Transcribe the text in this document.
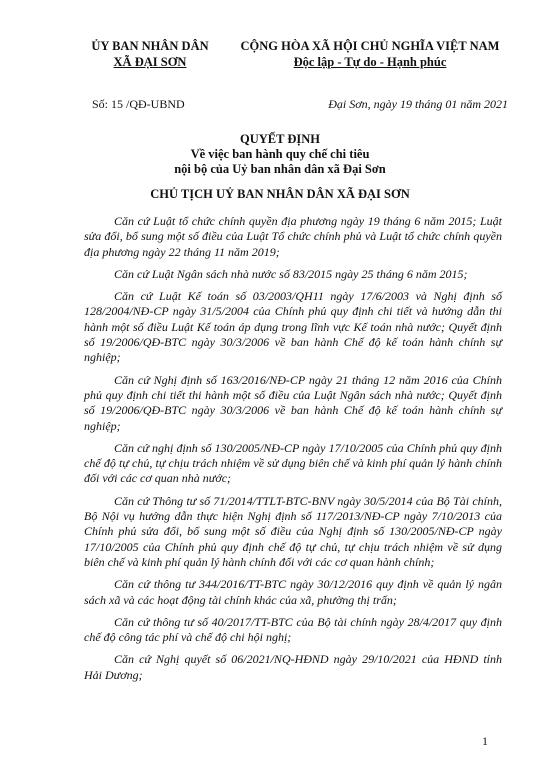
ỦY BAN NHÂN DÂN
XÃ ĐẠI SƠN
CỘNG HÒA XÃ HỘI CHỦ NGHĨA VIỆT NAM
Độc lập - Tự do - Hạnh phúc
Số: 15 /QĐ-UBND	Đại Sơn, ngày 19 tháng 01 năm 2021
QUYẾT ĐỊNH
Về việc ban hành quy chế chi tiêu
nội bộ của Uỷ ban nhân dân xã Đại Sơn
CHỦ TỊCH UỶ BAN NHÂN DÂN XÃ ĐẠI SƠN

Căn cứ Luật tổ chức chính quyền địa phương ngày 19 tháng 6 năm 2015; Luật sửa đổi, bổ sung một số điều của Luật Tổ chức chính phủ và Luật tổ chức chính quyền địa phương ngày 22 tháng 11 năm 2019;

Căn cứ Luật Ngân sách nhà nước số 83/2015 ngày 25 tháng 6 năm 2015;

Căn cứ Luật Kế toán số 03/2003/QH11 ngày 17/6/2003 và Nghị định số 128/2004/NĐ-CP ngày 31/5/2004 của Chính phủ quy định chi tiết và hướng dẫn thi hành một số điều Luật Kế toán áp dụng trong lĩnh vực Kế toán nhà nước; Quyết định số 19/2006/QĐ-BTC ngày 30/3/2006 về ban hành Chế độ kế toán hành chính sự nghiệp;

Căn cứ Nghị định số 163/2016/NĐ-CP ngày 21 tháng 12 năm 2016 của Chính phủ quy định chi tiết thi hành một số điều của Luật Ngân sách nhà nước; Quyết định số 19/2006/QĐ-BTC ngày 30/3/2006 về ban hành Chế độ kế toán hành chính sự nghiệp;

Căn cứ nghị định số 130/2005/NĐ-CP ngày 17/10/2005 của Chính phủ quy định chế độ tự chủ, tự chịu trách nhiệm về sử dụng biên chế và kinh phí quản lý hành chính đối với các cơ quan nhà nước;

Căn cứ Thông tư số 71/2014/TTLT-BTC-BNV ngày 30/5/2014 của Bộ Tài chính, Bộ Nội vụ hướng dẫn thực hiện Nghị định số 117/2013/NĐ-CP ngày 7/10/2013 của Chính phủ sửa đổi, bổ sung một số điều của Nghị định số 130/2005/NĐ-CP ngày 17/10/2005 của Chính phủ quy định chế độ tự chủ, tự chịu trách nhiệm về sử dụng biên chế và kinh phí quản lý hành chính đối với các cơ quan hành chính;

Căn cứ thông tư 344/2016/TT-BTC ngày 30/12/2016 quy định về quản lý ngân sách xã và các hoạt động tài chính khác của xã, phường thị trấn;

Căn cứ thông tư số 40/2017/TT-BTC của Bộ tài chính ngày 28/4/2017 quy định chế độ công tác phí và chế độ chi hội nghị;

Căn cứ Nghị quyết số 06/2021/NQ-HĐND ngày 29/10/2021 của HĐND tỉnh Hải Dương;

1
